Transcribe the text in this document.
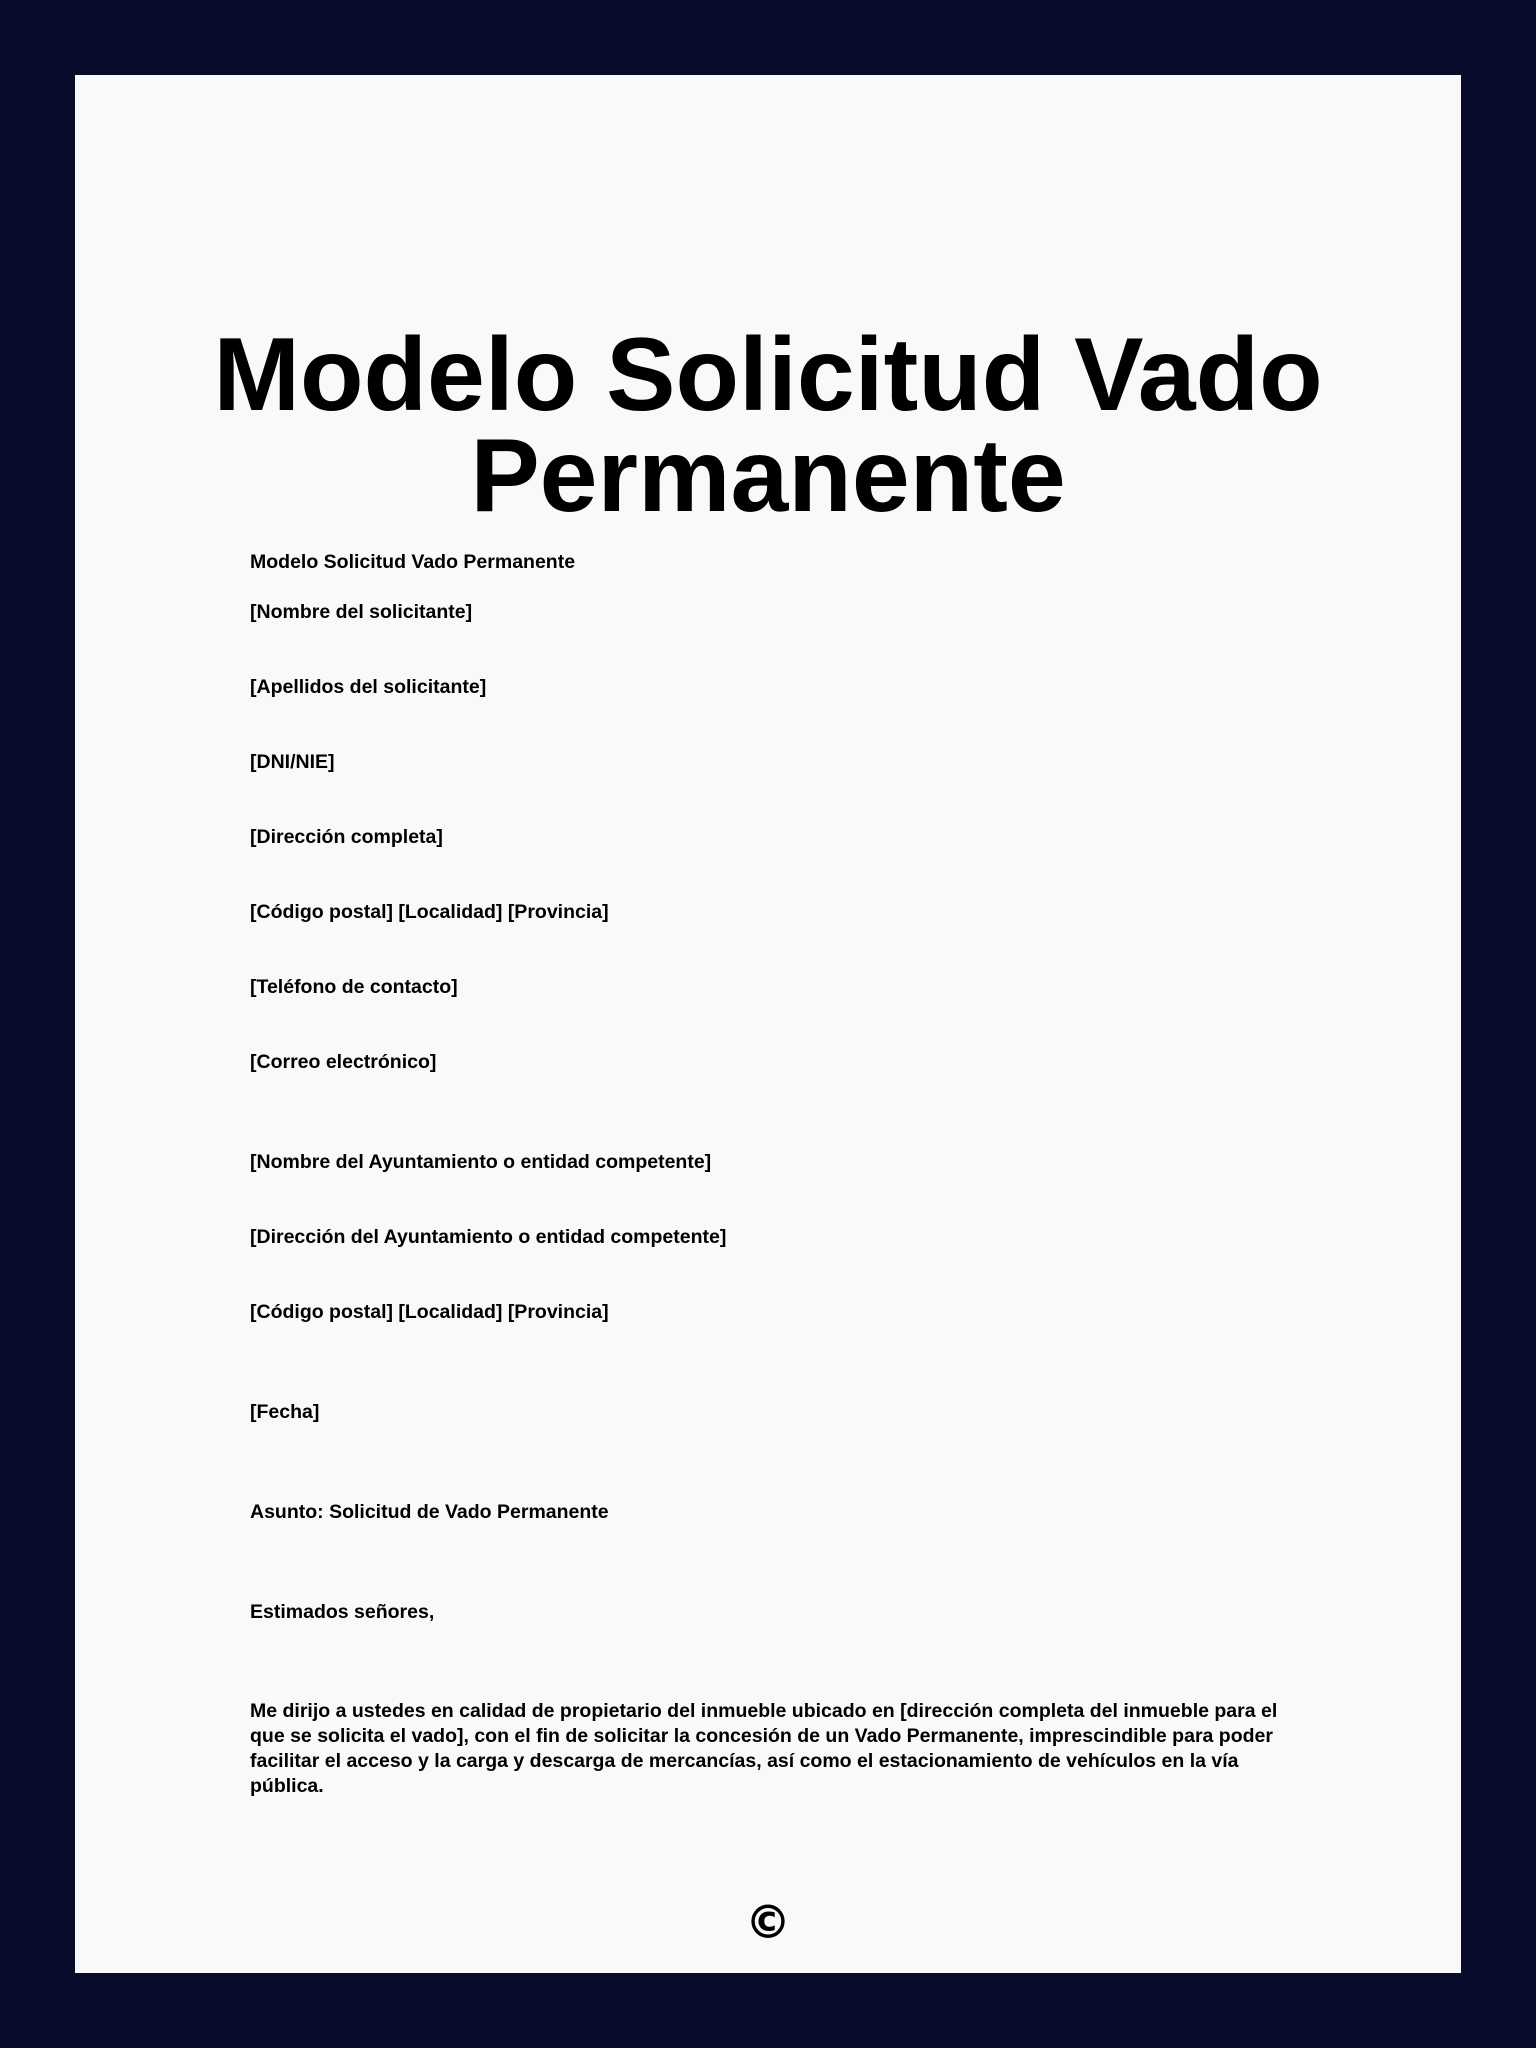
Modelo Solicitud Vado Permanente

Modelo Solicitud Vado Permanente

[Nombre del solicitante]

[Apellidos del solicitante]

[DNI/NIE]

[Dirección completa]

[Código postal] [Localidad] [Provincia]

[Teléfono de contacto]

[Correo electrónico]

[Nombre del Ayuntamiento o entidad competente]

[Dirección del Ayuntamiento o entidad competente]

[Código postal] [Localidad] [Provincia]

[Fecha]

Asunto: Solicitud de Vado Permanente

Estimados señores,

Me dirijo a ustedes en calidad de propietario del inmueble ubicado en [dirección completa del inmueble para el que se solicita el vado], con el fin de solicitar la concesión de un Vado Permanente, imprescindible para poder facilitar el acceso y la carga y descarga de mercancías, así como el estacionamiento de vehículos en la vía pública.

©
